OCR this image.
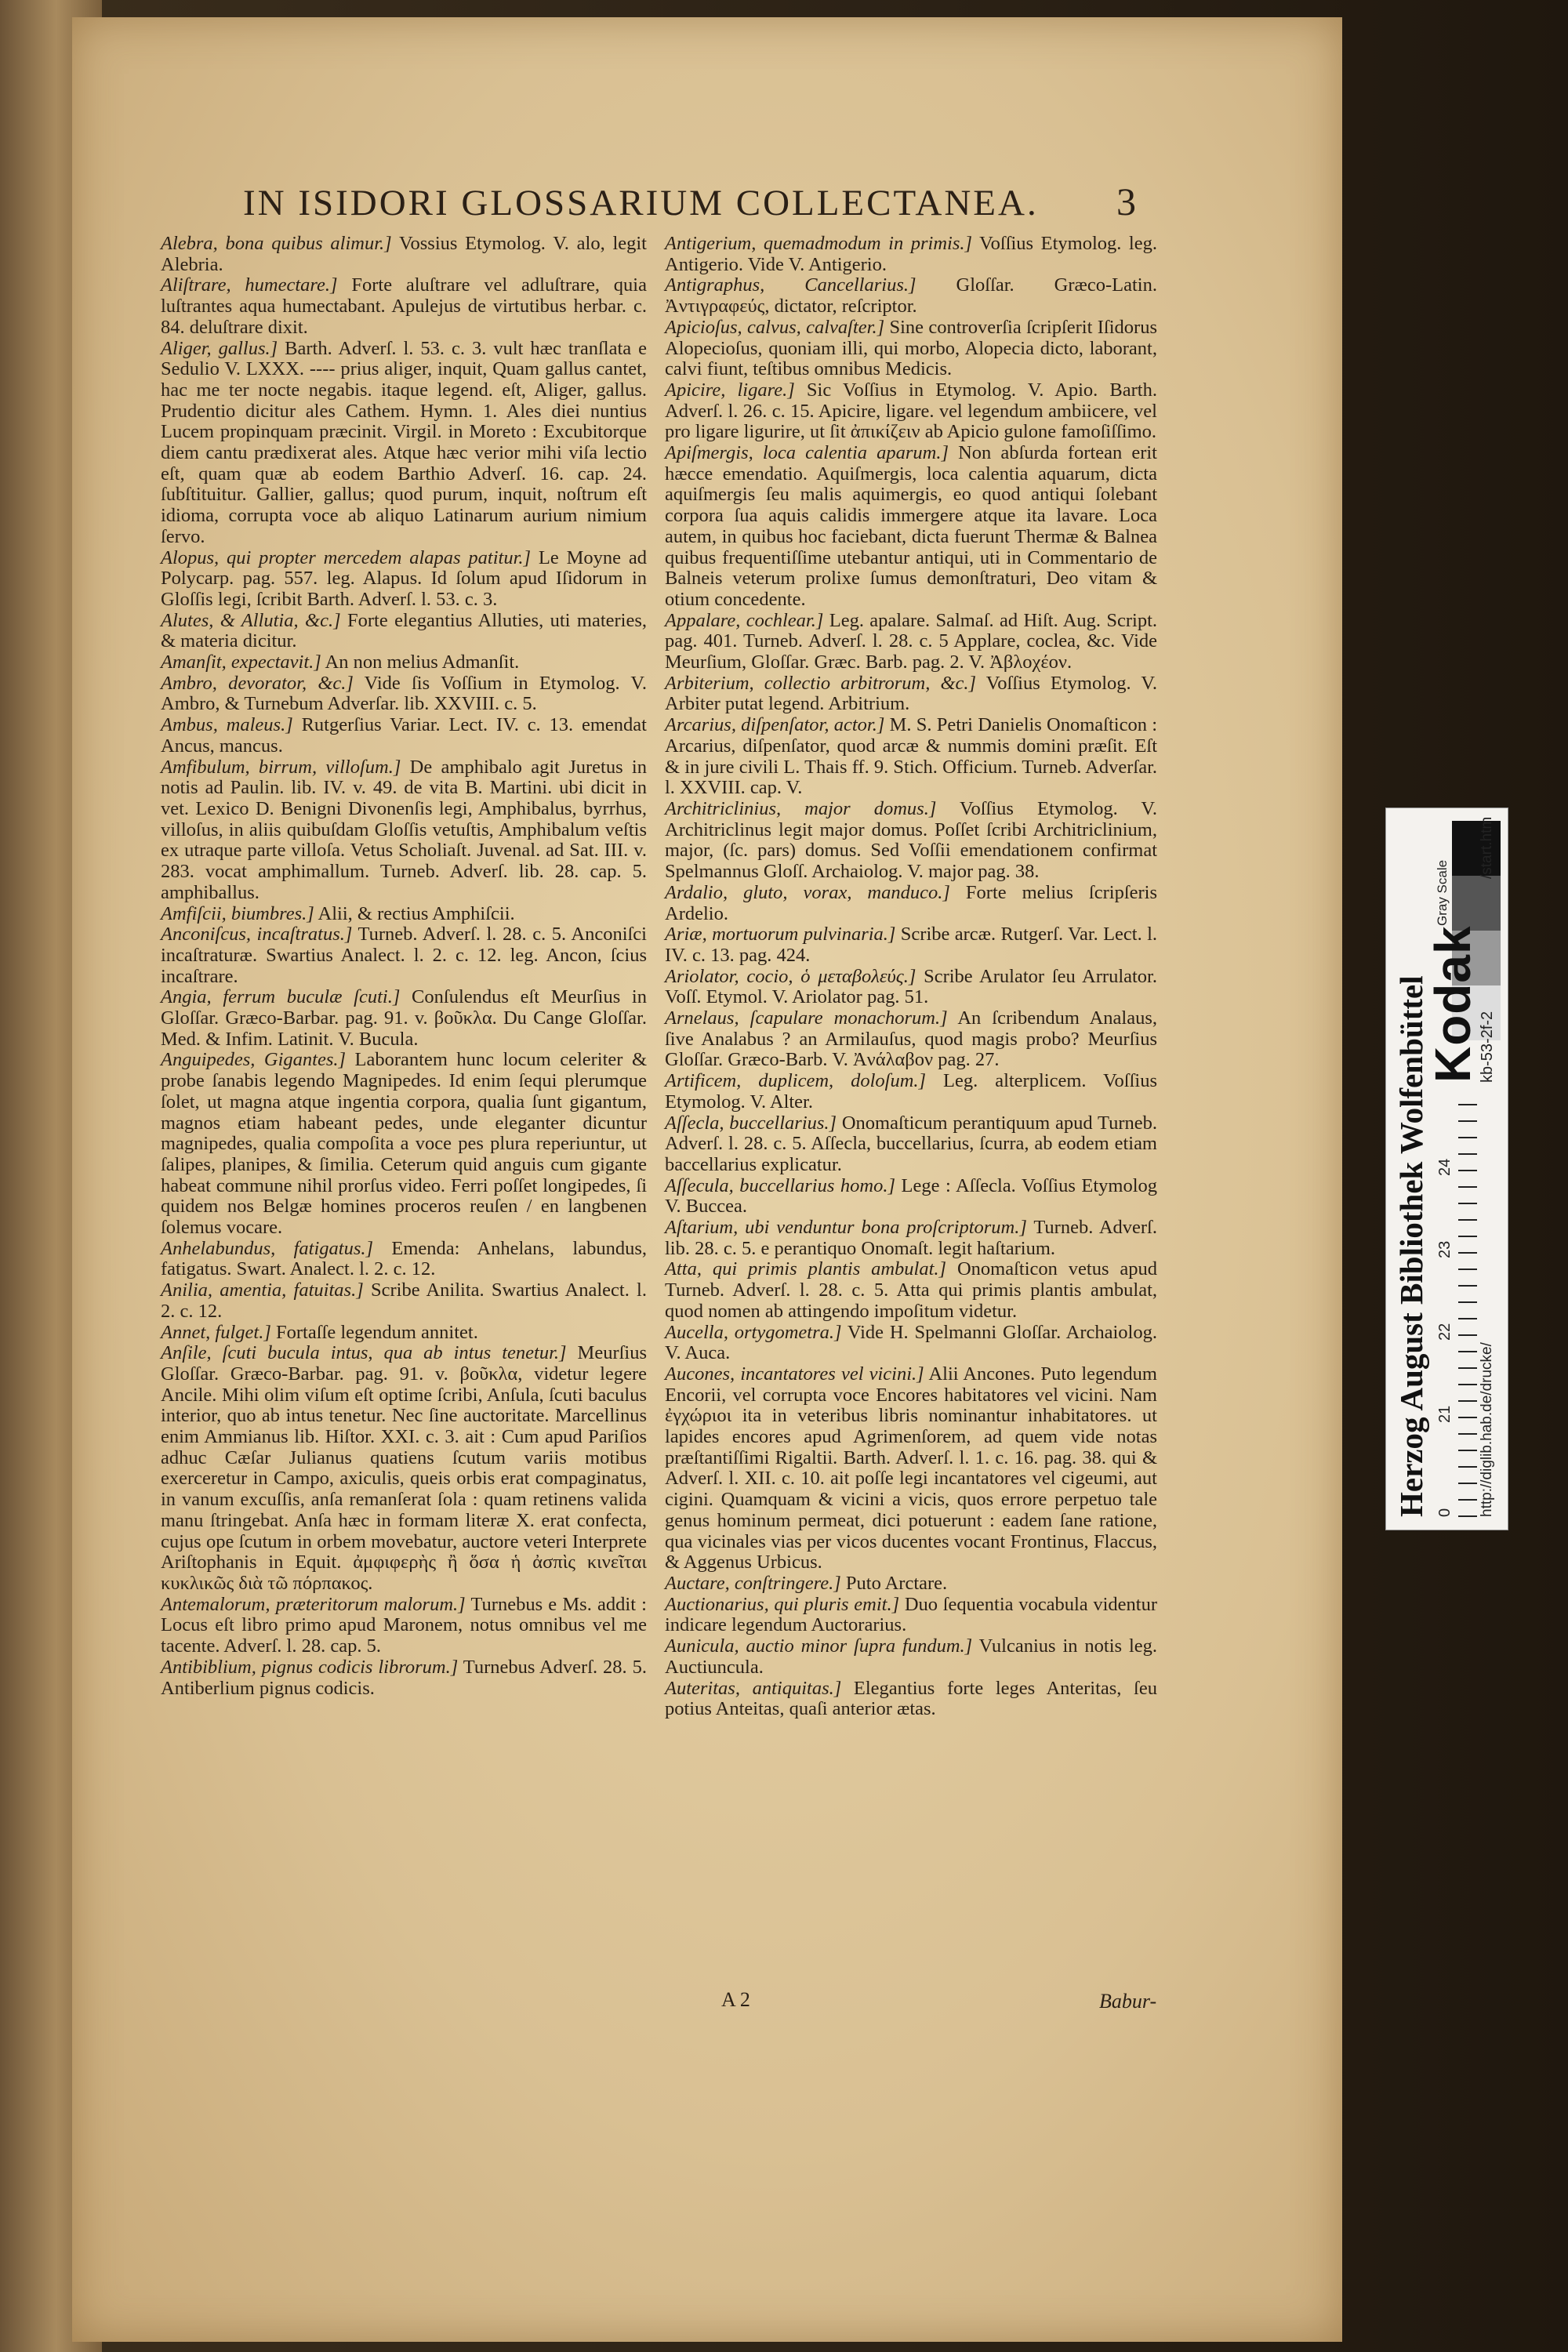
IN ISIDORI GLOSSARIUM COLLECTANEA.	3

Alebra, bona quibus alimur.] Vossius Etymolog. V. alo, legit Alebria.

Aliſtrare, humectare.] Forte aluſtrare vel adluſtrare, quia luſtrantes aqua humectabant. Apulejus de virtutibus herbar. c. 84. deluſtrare dixit.

Aliger, gallus.] Barth. Adverſ. l. 53. c. 3. vult hæc tranſlata e Sedulio V. LXXX. ---- prius aliger, inquit, Quam gallus cantet, hac me ter nocte negabis. itaque legend. eſt, Aliger, gallus. Prudentio dicitur ales Cathem. Hymn. 1. Ales diei nuntius Lucem propinquam præcinit. Virgil. in Moreto : Excubitorque diem cantu prædixerat ales. Atque hæc verior mihi viſa lectio eſt, quam quæ ab eodem Barthio Adverſ. 16. cap. 24. ſubſtituitur. Gallier, gallus; quod purum, inquit, noſtrum eſt idioma, corrupta voce ab aliquo Latinarum aurium nimium ſervo.

Alopus, qui propter mercedem alapas patitur.] Le Moyne ad Polycarp. pag. 557. leg. Alapus. Id ſolum apud Iſidorum in Gloſſis legi, ſcribit Barth. Adverſ. l. 53. c. 3.

Alutes, & Allutia, &c.] Forte elegantius Alluties, uti materies, & materia dicitur.

Amanſit, expectavit.] An non melius Admanſit.

Ambro, devorator, &c.] Vide ſis Voſſium in Etymolog. V. Ambro, & Turnebum Adverſar. lib. XXVIII. c. 5.

Ambus, maleus.] Rutgerſius Variar. Lect. IV. c. 13. emendat Ancus, mancus.

Amfibulum, birrum, villoſum.] De amphibalo agit Juretus in notis ad Paulin. lib. IV. v. 49. de vita B. Martini. ubi dicit in vet. Lexico D. Benigni Divonenſis legi, Amphibalus, byrrhus, villoſus, in aliis quibuſdam Gloſſis vetuſtis, Amphibalum veſtis ex utraque parte villoſa. Vetus Scholiaſt. Juvenal. ad Sat. III. v. 283. vocat amphimallum. Turneb. Adverſ. lib. 28. cap. 5. amphiballus.

Amfiſcii, biumbres.] Alii, & rectius Amphiſcii.

Anconiſcus, incaſtratus.] Turneb. Adverſ. l. 28. c. 5. Anconiſci incaſtraturæ. Swartius Analect. l. 2. c. 12. leg. Ancon, ſcius incaſtrare.

Angia, ferrum buculæ ſcuti.] Conſulendus eſt Meurſius in Gloſſar. Græco-Barbar. pag. 91. v. βοῦκλα. Du Cange Gloſſar. Med. & Infim. Latinit. V. Bucula.

Anguipedes, Gigantes.] Laborantem hunc locum celeriter & probe ſanabis legendo Magnipedes. Id enim ſequi plerumque ſolet, ut magna atque ingentia corpora, qualia ſunt gigantum, magnos etiam habeant pedes, unde eleganter dicuntur magnipedes, qualia compoſita a voce pes plura reperiuntur, ut ſalipes, planipes, & ſimilia. Ceterum quid anguis cum gigante habeat commune nihil prorſus video. Ferri poſſet longipedes, ſi quidem nos Belgæ homines proceros reuſen / en langbenen ſolemus vocare.

Anhelabundus, fatigatus.] Emenda: Anhelans, labundus, fatigatus. Swart. Analect. l. 2. c. 12.

Anilia, amentia, fatuitas.] Scribe Anilita. Swartius Analect. l. 2. c. 12.

Annet, fulget.] Fortaſſe legendum annitet.

Anſile, ſcuti bucula intus, qua ab intus tenetur.] Meurſius Gloſſar. Græco-Barbar. pag. 91. v. βοῦκλα, videtur legere Ancile. Mihi olim viſum eſt optime ſcribi, Anſula, ſcuti baculus interior, quo ab intus tenetur. Nec ſine auctoritate. Marcellinus enim Ammianus lib. Hiſtor. XXI. c. 3. ait : Cum apud Pariſios adhuc Cæſar Julianus quatiens ſcutum variis motibus exerceretur in Campo, axiculis, queis orbis erat compaginatus, in vanum excuſſis, anſa remanſerat ſola : quam retinens valida manu ſtringebat. Anſa hæc in formam literæ X. erat confecta, cujus ope ſcutum in orbem movebatur, auctore veteri Interprete Ariſtophanis in Equit. ἀμφιφερὴς ἢ ὅσα ἡ ἀσπὶς κινεῖται κυκλικῶς διὰ τῶ πόρπακος.

Antemalorum, præteritorum malorum.] Turnebus e Ms. addit : Locus eſt libro primo apud Maronem, notus omnibus vel me tacente. Adverſ. l. 28. cap. 5.

Antibiblium, pignus codicis librorum.] Turnebus Adverſ. 28. 5. Antiberlium pignus codicis.

Antigerium, quemadmodum in primis.] Voſſius Etymolog. leg. Antigerio. Vide V. Antigerio.

Antigraphus, Cancellarius.] Gloſſar. Græco-Latin. Ἀντιγραφεύς, dictator, reſcriptor.

Apiciοſus, calvus, calvaſter.] Sine controverſia ſcripſerit Iſidorus Alopeciοſus, quoniam illi, qui morbo, Alopecia dicto, laborant, calvi fiunt, teſtibus omnibus Medicis.

Apicire, ligare.] Sic Voſſius in Etymolog. V. Apio. Barth. Adverſ. l. 26. c. 15. Apicire, ligare. vel legendum ambiicere, vel pro ligare ligurire, ut ſit ἀπικίζειν ab Apicio gulone famoſiſſimo.

Apiſmergis, loca calentia aparum.] Non abſurda fortean erit hæcce emendatio. Aquiſmergis, loca calentia aquarum, dicta aquiſmergis ſeu malis aquimergis, eo quod antiqui ſolebant corpora ſua aquis calidis immergere atque ita lavare. Loca autem, in quibus hoc faciebant, dicta fuerunt Thermæ & Balnea quibus frequentiſſime utebantur antiqui, uti in Commentario de Balneis veterum prolixe ſumus demonſtraturi, Deo vitam & otium concedente.

Appalare, cochlear.] Leg. apalare. Salmaſ. ad Hiſt. Aug. Script. pag. 401. Turneb. Adverſ. l. 28. c. 5 Applare, coclea, &c. Vide Meurſium, Gloſſar. Græc. Barb. pag. 2. V. Ἀβλοχέον.

Arbiterium, collectio arbitrorum, &c.] Voſſius Etymolog. V. Arbiter putat legend. Arbitrium.

Arcarius, diſpenſator, actor.] M. S. Petri Danielis Onomaſticon : Arcarius, diſpenſator, quod arcæ & nummis domini præſit. Eſt & in jure civili L. Thais ff. 9. Stich. Officium. Turneb. Adverſar. l. XXVIII. cap. V.

Architriclinius, major domus.] Voſſius Etymolog. V. Architriclinus legit major domus. Poſſet ſcribi Architriclinium, major, (ſc. pars) domus. Sed Voſſii emendationem confirmat Spelmannus Gloſſ. Archaiolog. V. major pag. 38.

Ardalio, gluto, vorax, manduco.] Forte melius ſcripſeris Ardelio.

Ariæ, mortuorum pulvinaria.] Scribe arcæ. Rutgerſ. Var. Lect. l. IV. c. 13. pag. 424.

Ariolator, cocio, ὁ μεταβολεύς.] Scribe Arulator ſeu Arrulator. Voſſ. Etymol. V. Ariolator pag. 51.

Arnelaus, ſcapulare monachorum.] An ſcribendum Analaus, ſive Analabus ? an Armilauſus, quod magis probo? Meurſius Gloſſar. Græco-Barb. V. Ἀνάλαβον pag. 27.

Artificem, duplicem, doloſum.] Leg. alterplicem. Voſſius Etymolog. V. Alter.

Aſſecla, buccellarius.] Onomaſticum perantiquum apud Turneb. Adverſ. l. 28. c. 5. Aſſecla, buccellarius, ſcurra, ab eodem etiam baccellarius explicatur.

Aſſecula, buccellarius homo.] Lege : Aſſecla. Voſſius Etymolog V. Buccea.

Aſtarium, ubi venduntur bona proſcriptorum.] Turneb. Adverſ. lib. 28. c. 5. e perantiquo Onomaſt. legit haſtarium.

Atta, qui primis plantis ambulat.] Onomaſticon vetus apud Turneb. Adverſ. l. 28. c. 5. Atta qui primis plantis ambulat, quod nomen ab attingendo impoſitum videtur.

Aucella, ortygometra.] Vide H. Spelmanni Gloſſar. Archaiolog. V. Auca.

Aucones, incantatores vel vicini.] Alii Ancones. Puto legendum Encorii, vel corrupta voce Encores habitatores vel vicini. Nam ἐγχώριοι ita in veteribus libris nominantur inhabitatores. ut lapides encores apud Agrimenſorem, ad quem vide notas præſtantiſſimi Rigaltii. Barth. Adverſ. l. 1. c. 16. pag. 38. qui & Adverſ. l. XII. c. 10. ait poſſe legi incantatores vel cigeumi, aut cigini. Quamquam & vicini a vicis, quos errore perpetuo tale genus hominum permeat, dici potuerunt : eadem ſane ratione, qua vicinales vias per vicos ducentes vocant Frontinus, Flaccus, & Aggenus Urbicus.

Auctare, conſtringere.] Puto Arctare.

Auctionarius, qui pluris emit.] Duo ſequentia vocabula videntur indicare legendum Auctorarius.

Aunicula, auctio minor ſupra fundum.] Vulcanius in notis leg. Auctiuncula.

Auteritas, antiquitas.] Elegantius forte leges Anteritas, ſeu potius Anteitas, quaſi anterior ætas.

A 2	Babur-
Herzog August Bibliothek Wolfenbüttel 0
21
22
23
24
Kodak
Gray Scale
http://diglib.hab.de/drucke/
kb-53-2f-2
/start.htm
